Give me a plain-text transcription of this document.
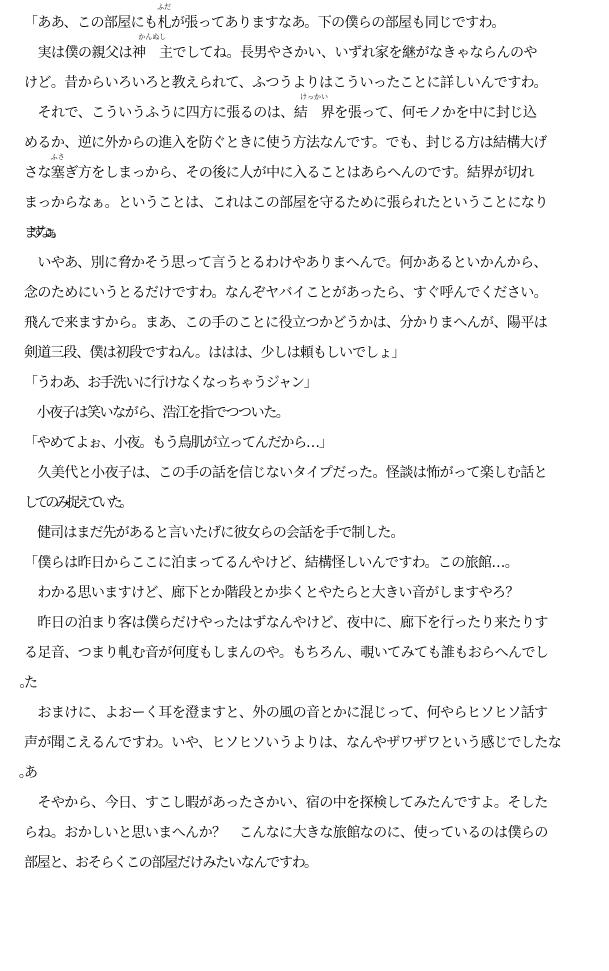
「ああ、この部屋にも札
ふだ
が張ってありますなあ。下の僕らの部屋も同じですわ。
　実は僕の親父は神　主
かんぬし
でしてね。長男やさかい、いずれ家を継がなきゃならんのや
けど。昔からいろいろと教えられて、ふつうよりはこういったことに詳しいんですわ。
　それで、こういうふうに四方に張るのは、結　界
けっかい
を張って、何モノかを中に封じ込
めるか、逆に外からの進入を防ぐときに使う方法なんです。でも、封じる方は結構大げ
さな塞
ふさ
ぎ方をしまっから、その後に人が中に入ることはあらへんのです。結界が切れ
まっからなぁ。ということは、これはこの部屋を守るために張られたということになり
ますなぁ。
　いやあ、別に脅かそう思って言うとるわけやありまへんで。何かあるといかんから、
念のためにいうとるだけですわ。なんぞヤバイことがあったら、すぐ呼んでください。
飛んで来ますから。まあ、この手のことに役立つかどうかは、分かりまへんが、陽平は
剣道三段、僕は初段ですねん。ははは、少しは頼もしいでしょ」
「うわあ、お手洗いに行けなくなっちゃうジャン」
　小夜子は笑いながら、浩江を指でつついた。
「やめてよぉ、小夜。もう鳥肌が立ってんだから…」
　久美代と小夜子は、この手の話を信じないタイプだった。怪談は怖がって楽しむ話と
してのみ捉えていた。
　健司はまだ先があると言いたげに彼女らの会話を手で制した。
「僕らは昨日からここに泊まってるんやけど、結構怪しいんですわ。この旅館…。
　わかる思いますけど、廊下とか階段とか歩くとやたらと大きい音がしますやろ？
　昨日の泊まり客は僕らだけやったはずなんやけど、夜中に、廊下を行ったり来たりす
る足音、つまり軋む音が何度もしまんのや。もちろん、覗いてみても誰もおらへんでし
　おまけに、よおーく耳を澄ますと、外の風の音とかに混じって、何やらヒソヒソ話す
声が聞こえるんですわ。いや、ヒソヒソいうよりは、なんやザワザワという感じでしたな
　そやから、今日、すこし暇があったさかい、宿の中を探検してみたんですよ。そした
らね。おかしいと思いまへんか？　こんなに大きな旅館なのに、使っているのは僕らの
部屋と、おそらくこの部屋だけみたいなんですわ。
